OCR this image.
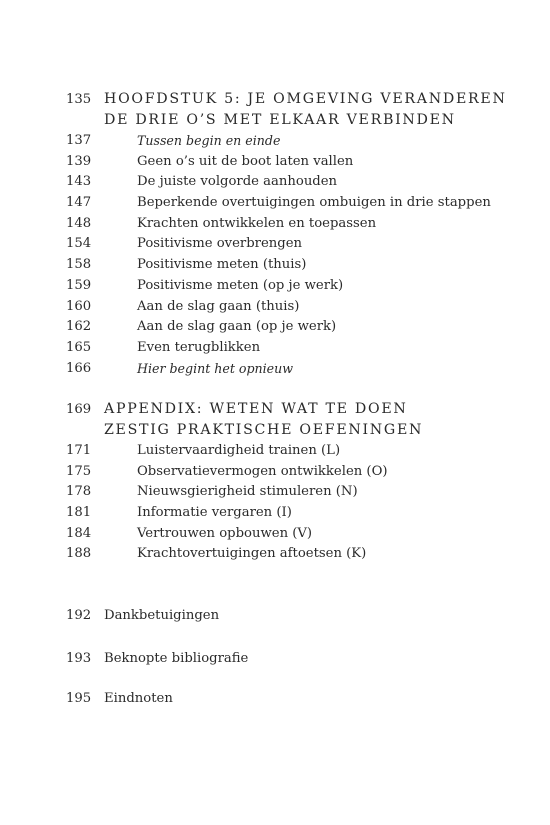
135 HOOFDSTUK 5: JE OMGEVING VERANDEREN
DE DRIE O’S MET ELKAAR VERBINDEN
137	Tussen begin en einde
139	Geen o’s uit de boot laten vallen
143	De juiste volgorde aanhouden
147	Beperkende overtuigingen ombuigen in drie stappen
148	Krachten ontwikkelen en toepassen
154	Positivisme overbrengen
158	Positivisme meten (thuis)
159	Positivisme meten (op je werk)
160	Aan de slag gaan (thuis)
162	Aan de slag gaan (op je werk)
165	Even terugblikken
166	Hier begint het opnieuw
169 APPENDIX: WETEN WAT TE DOEN
ZESTIG PRAKTISCHE OEFENINGEN
171	Luistervaardigheid trainen (L)
175	Observatievermogen ontwikkelen (O)
178	Nieuwsgierigheid stimuleren (N)
181	Informatie vergaren (I)
184	Vertrouwen opbouwen (V)
188	Krachtovertuigingen aftoetsen (K)
192 Dankbetuigingen
193 Beknopte bibliografie
195 Eindnoten
